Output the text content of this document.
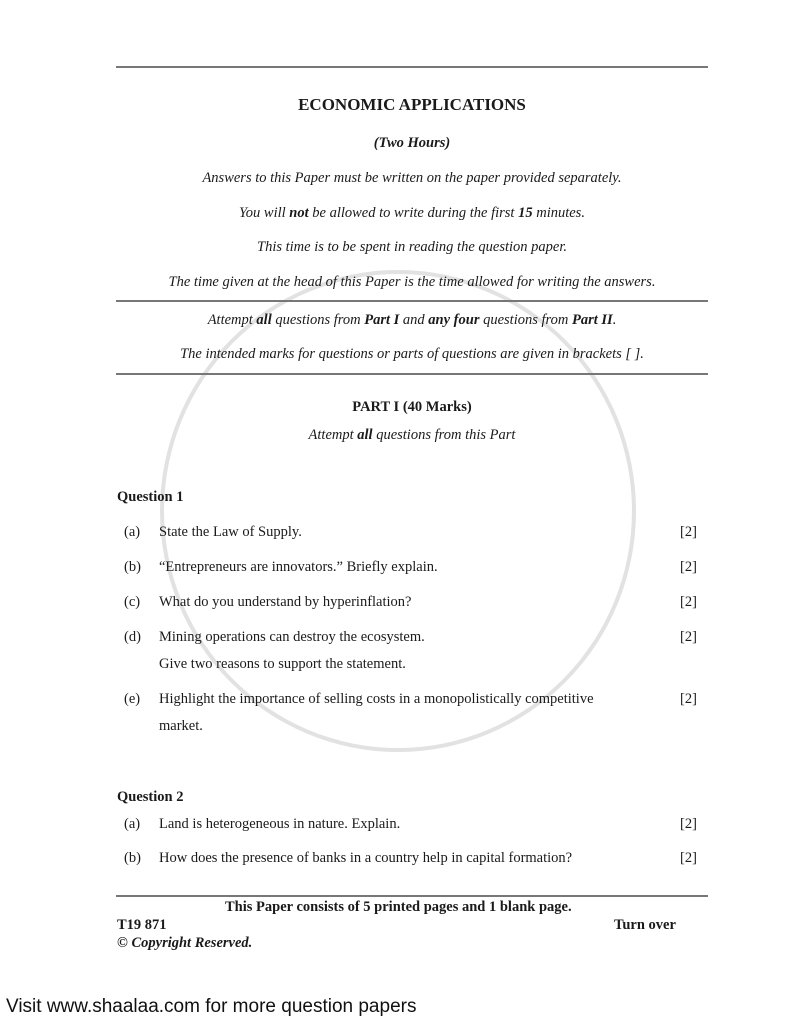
ECONOMIC APPLICATIONS
(Two Hours)
Answers to this Paper must be written on the paper provided separately.
You will not be allowed to write during the first 15 minutes.
This time is to be spent in reading the question paper.
The time given at the head of this Paper is the time allowed for writing the answers.
Attempt all questions from Part I and any four questions from Part II.
The intended marks for questions or parts of questions are given in brackets [ ].
PART I (40 Marks)
Attempt all questions from this Part
Question 1
(a) State the Law of Supply.	[2]
(b) “Entrepreneurs are innovators.” Briefly explain.	[2]
(c) What do you understand by hyperinflation?	[2]
(d) Mining operations can destroy the ecosystem.
Give two reasons to support the statement.
[2]
(e) Highlight the importance of selling costs in a monopolistically competitive
market.
[2]
Question 2
(a) Land is heterogeneous in nature. Explain.	[2]
(b) How does the presence of banks in a country help in capital formation?	[2]
This Paper consists of 5 printed pages and 1 blank page.
T19 871	Turn over
© Copyright Reserved.
Visit www.shaalaa.com for more question papers
